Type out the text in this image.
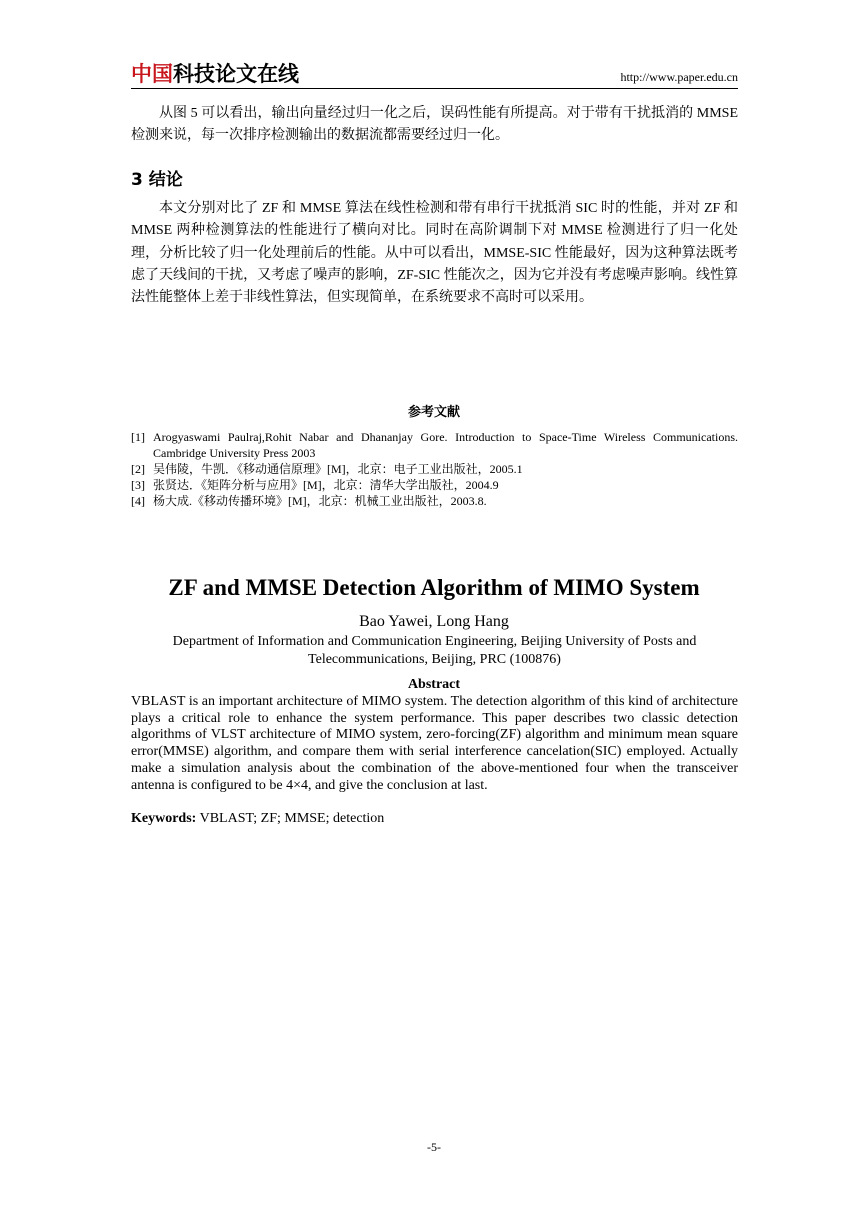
中国科技论文在线	http://www.paper.edu.cn
从图 5 可以看出，输出向量经过归一化之后，误码性能有所提高。对于带有干扰抵消的 MMSE 检测来说，每一次排序检测输出的数据流都需要经过归一化。
3 结论
本文分别对比了 ZF 和 MMSE 算法在线性检测和带有串行干扰抵消 SIC 时的性能，并对 ZF 和 MMSE 两种检测算法的性能进行了横向对比。同时在高阶调制下对 MMSE 检测进行了归一化处理，分析比较了归一化处理前后的性能。从中可以看出，MMSE-SIC 性能最好，因为这种算法既考虑了天线间的干扰，又考虑了噪声的影响，ZF-SIC 性能次之，因为它并没有考虑噪声影响。线性算法性能整体上差于非线性算法，但实现简单，在系统要求不高时可以采用。
参考文献
[1] Arogyaswami Paulraj,Rohit Nabar and Dhananjay Gore. Introduction to Space-Time Wireless Communications. Cambridge University Press 2003
[2] 吴伟陵，牛凯．《移动通信原理》[M]，北京：电子工业出版社，2005.1
[3] 张贤达．《矩阵分析与应用》[M]，北京：清华大学出版社，2004.9
[4] 杨大成.《移动传播环境》[M]，北京：机械工业出版社，2003.8.
ZF and MMSE Detection Algorithm of MIMO System
Bao Yawei, Long Hang
Department of Information and Communication Engineering, Beijing University of Posts and Telecommunications, Beijing, PRC (100876)
Abstract
VBLAST is an important architecture of MIMO system. The detection algorithm of this kind of architecture plays a critical role to enhance the system performance. This paper describes two classic detection algorithms of VLST architecture of MIMO system, zero-forcing(ZF) algorithm and minimum mean square error(MMSE) algorithm, and compare them with serial interference cancelation(SIC) employed. Actually make a simulation analysis about the combination of the above-mentioned four when the transceiver antenna is configured to be 4×4, and give the conclusion at last.
Keywords: VBLAST; ZF; MMSE; detection
-5-
